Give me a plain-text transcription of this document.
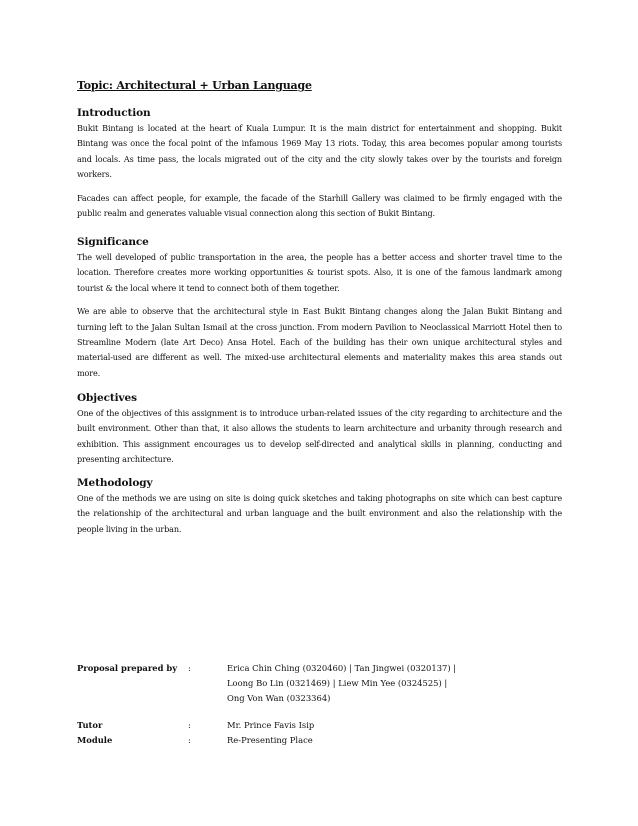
Topic: Architectural + Urban Language
Introduction

Bukit Bintang is located at the heart of Kuala Lumpur. It is the main district for entertainment and shopping. Bukit Bintang was once the focal point of the infamous 1969 May 13 riots. Today, this area becomes popular among tourists and locals. As time pass, the locals migrated out of the city and the city slowly takes over by the tourists and foreign workers.

Facades can affect people, for example, the facade of the Starhill Gallery was claimed to be firmly engaged with the public realm and generates valuable visual connection along this section of Bukit Bintang.

Significance

The well developed of public transportation in the area, the people has a better access and shorter travel time to the location. Therefore creates more working opportunities & tourist spots. Also, it is one of the famous landmark among tourist & the local where it tend to connect both of them together.

We are able to observe that the architectural style in East Bukit Bintang changes along the Jalan Bukit Bintang and turning left to the Jalan Sultan Ismail at the cross junction. From modern Pavilion to Neoclassical Marriott Hotel then to Streamline Modern (late Art Deco) Ansa Hotel. Each of the building has their own unique architectural styles and material-used are different as well. The mixed-use architectural elements and materiality makes this area stands out more.

Objectives

One of the objectives of this assignment is to introduce urban-related issues of the city regarding to architecture and the built environment. Other than that, it also allows the students to learn architecture and urbanity through research and exhibition. This assignment encourages us to develop self-directed and analytical skills in planning, conducting and presenting architecture.

Methodology

One of the methods we are using on site is doing quick sketches and taking photographs on site which can best capture the relationship of the architectural and urban language and the built environment and also the relationship with the people living in the urban.

Proposal prepared by :	Erica Chin Ching (0320460) | Tan Jingwei (0320137) |
Loong Bo Lin (0321469) | Liew Min Yee (0324525) |
Ong Von Wan (0323364)
Tutor	:	Mr. Prince Favis Isip
Module	:	Re-Presenting Place
